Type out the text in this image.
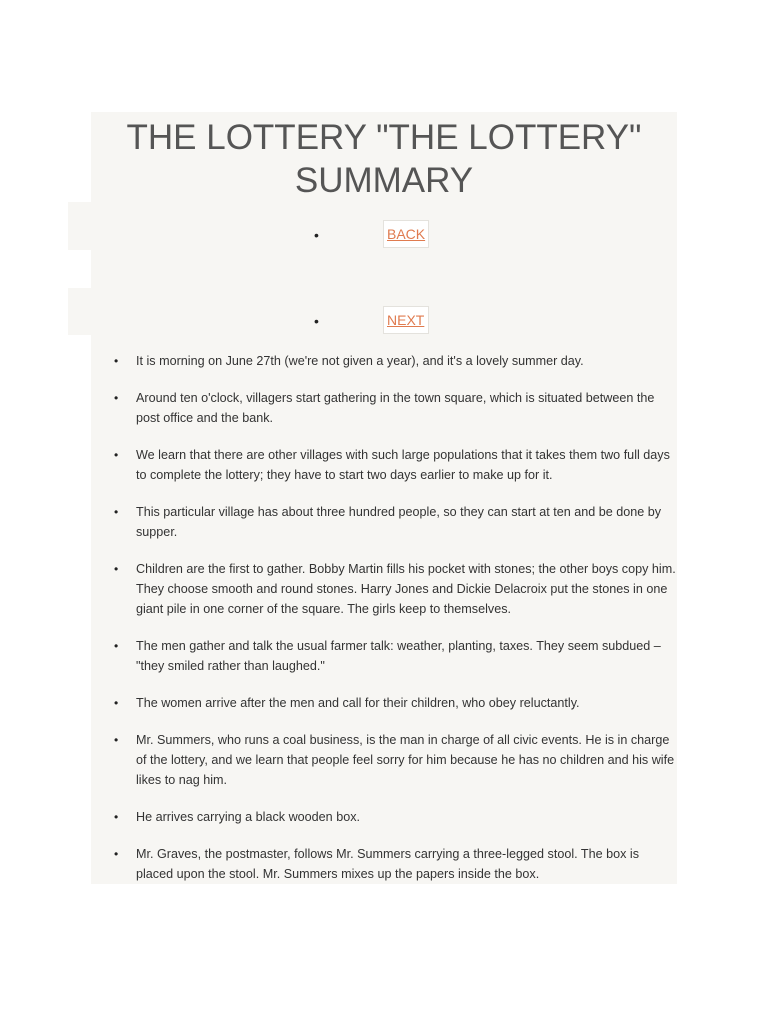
THE LOTTERY "THE LOTTERY" SUMMARY
•	BACK
•	NEXT
• It is morning on June 27th (we're not given a year), and it's a lovely summer day.
• Around ten o'clock, villagers start gathering in the town square, which is situated between the post office and the bank.
• We learn that there are other villages with such large populations that it takes them two full days to complete the lottery; they have to start two days earlier to make up for it.
• This particular village has about three hundred people, so they can start at ten and be done by supper.
• Children are the first to gather. Bobby Martin fills his pocket with stones; the other boys copy him. They choose smooth and round stones. Harry Jones and Dickie Delacroix put the stones in one giant pile in one corner of the square. The girls keep to themselves.
• The men gather and talk the usual farmer talk: weather, planting, taxes. They seem subdued – "they smiled rather than laughed."
• The women arrive after the men and call for their children, who obey reluctantly.
• Mr. Summers, who runs a coal business, is the man in charge of all civic events. He is in charge of the lottery, and we learn that people feel sorry for him because he has no children and his wife likes to nag him.
• He arrives carrying a black wooden box.
• Mr. Graves, the postmaster, follows Mr. Summers carrying a three-legged stool. The box is placed upon the stool. Mr. Summers mixes up the papers inside the box.
